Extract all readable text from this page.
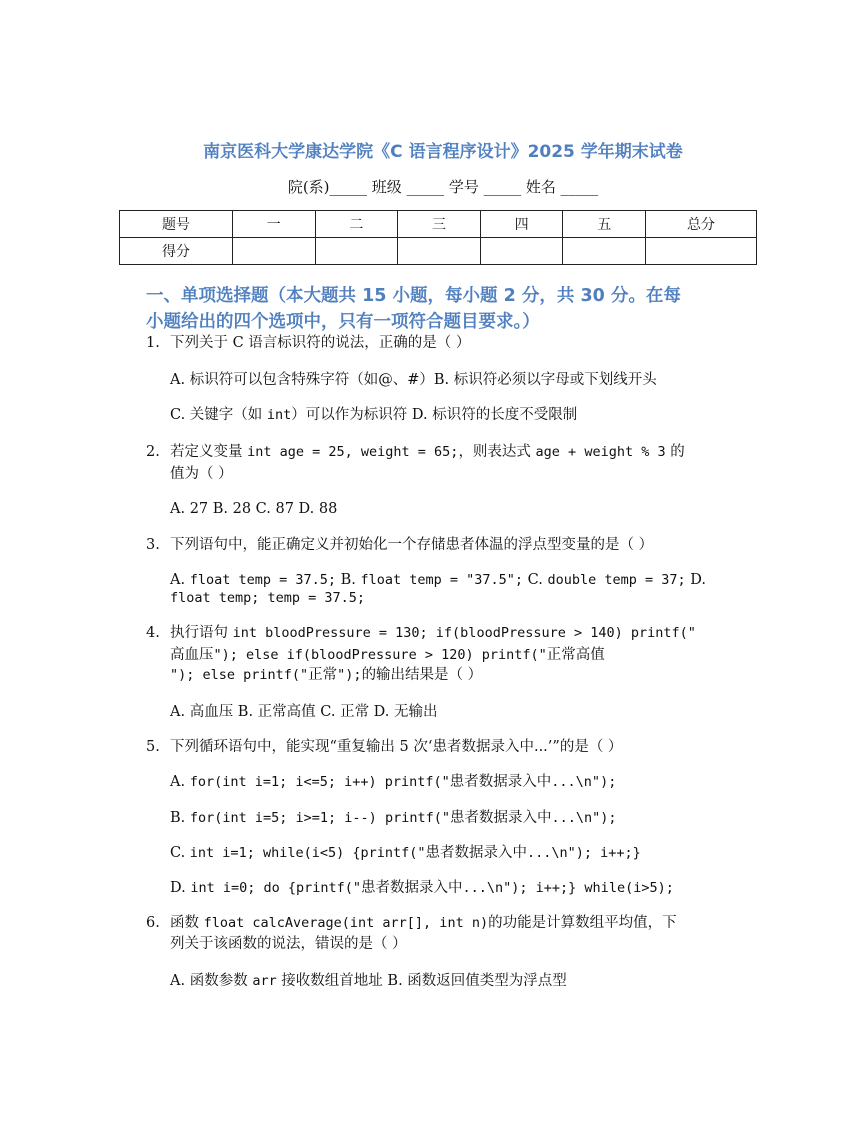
南京医科大学康达学院《C 语言程序设计》2025 学年期末试卷
院(系)_____ 班级 _____ 学号 _____ 姓名 _____
题号	一	二	三	四	五	总分
得分						
一、单项选择题（本大题共 15 小题，每小题 2 分，共 30 分。在每
小题给出的四个选项中，只有一项符合题目要求。）
1. 下列关于 C 语言标识符的说法，正确的是（ ）
A. 标识符可以包含特殊字符（如@、#）B. 标识符必须以字母或下划线开头
C. 关键字（如 int）可以作为标识符 D. 标识符的长度不受限制
2. 若定义变量 int age = 25, weight = 65;，则表达式 age + weight % 3 的
值为（ ）
A. 27 B. 28 C. 87 D. 88
3. 下列语句中，能正确定义并初始化一个存储患者体温的浮点型变量的是（ ）
A. float temp = 37.5; B. float temp = "37.5"; C. double temp = 37; D.
float temp; temp = 37.5;
4. 执行语句 int bloodPressure = 130; if(bloodPressure > 140) printf("
高血压"); else if(bloodPressure > 120) printf("正常高值
"); else printf("正常");的输出结果是（ ）
A. 高血压 B. 正常高值 C. 正常 D. 无输出
5. 下列循环语句中，能实现“重复输出 5 次‘患者数据录入中...’”的是（ ）
A. for(int i=1; i<=5; i++) printf("患者数据录入中...\n");
B. for(int i=5; i>=1; i--) printf("患者数据录入中...\n");
C. int i=1; while(i<5) {printf("患者数据录入中...\n"); i++;}
D. int i=0; do {printf("患者数据录入中...\n"); i++;} while(i>5);
6. 函数 float calcAverage(int arr[], int n)的功能是计算数组平均值，下
列关于该函数的说法，错误的是（ ）
A. 函数参数 arr 接收数组首地址 B. 函数返回值类型为浮点型
